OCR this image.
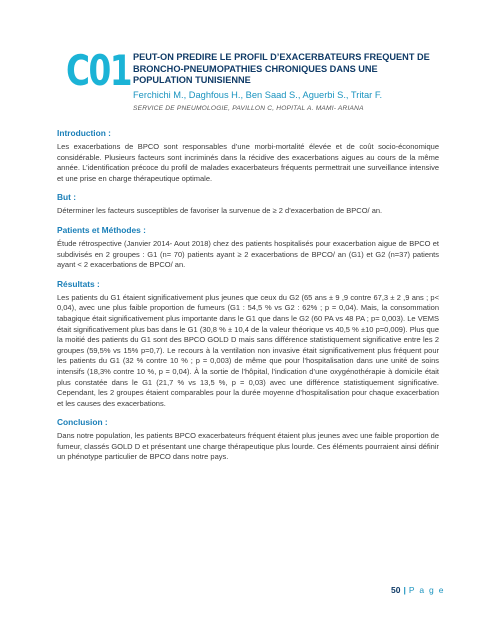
C01 PEUT-ON PREDIRE LE PROFIL D’EXACERBATEURS FREQUENT DE BRONCHO-PNEUMOPATHIES CHRONIQUES DANS UNE POPULATION TUNISIENNE

Ferchichi M., Daghfous H., Ben Saad S., Aguerbi S., Tritar F.
SERVICE DE PNEUMOLOGIE, PAVILLON C, HOPITAL A. MAMI- ARIANA
Introduction :

Les exacerbations de BPCO sont responsables d’une morbi-mortalité élevée et de coût socio-économique considérable. Plusieurs facteurs sont incriminés dans la récidive des exacerbations aigues au cours de la même année. L’identification précoce du profil de malades exacerbateurs fréquents permettrait une surveillance intensive et une prise en charge thérapeutique optimale.

But :

Déterminer les facteurs susceptibles de favoriser la survenue de ≥ 2 d’exacerbation de BPCO/ an.

Patients et Méthodes :

Étude rétrospective (Janvier 2014- Aout 2018) chez des patients hospitalisés pour exacerbation aigue de BPCO et subdivisés en 2 groupes : G1 (n= 70) patients ayant ≥ 2 exacerbations de BPCO/ an (G1) et G2 (n=37) patients ayant < 2 exacerbations de BPCO/ an.

Résultats :

Les patients du G1 étaient significativement plus jeunes que ceux du G2 (65 ans ± 9 ,9 contre 67,3 ± 2 ,9 ans ; p< 0,04), avec une plus faible proportion de fumeurs (G1 : 54,5 % vs G2 : 62% ; p = 0,04). Mais, la consommation tabagique était significativement plus importante dans le G1 que dans le G2 (60 PA vs 48 PA ; p= 0,003). Le VEMS était significativement plus bas dans le G1 (30,8 % ± 10,4 de la valeur théorique vs 40,5 % ±10 p=0,009). Plus que la moitié des patients du G1 sont des BPCO GOLD D mais sans différence statistiquement significative entre les 2 groupes (59,5% vs 15% p=0,7). Le recours à la ventilation non invasive était significativement plus fréquent pour les patients du G1 (32 % contre 10 % ; p = 0,003) de même que pour l’hospitalisation dans une unité de soins intensifs (18,3% contre 10 %, p = 0,04). À la sortie de l’hôpital, l’indication d’une oxygénothérapie à domicile était plus constatée dans le G1 (21,7 % vs 13,5 %, p = 0,03) avec une différence statistiquement significative. Cependant, les 2 groupes étaient comparables pour la durée moyenne d’hospitalisation pour chaque exacerbation et les causes des exacerbations.

Conclusion :

Dans notre population, les patients BPCO exacerbateurs fréquent étaient plus jeunes avec une faible proportion de fumeur, classés GOLD D et présentant une charge thérapeutique plus lourde. Ces éléments pourraient ainsi définir un phénotype particulier de BPCO dans notre pays.

50 | P a g e
